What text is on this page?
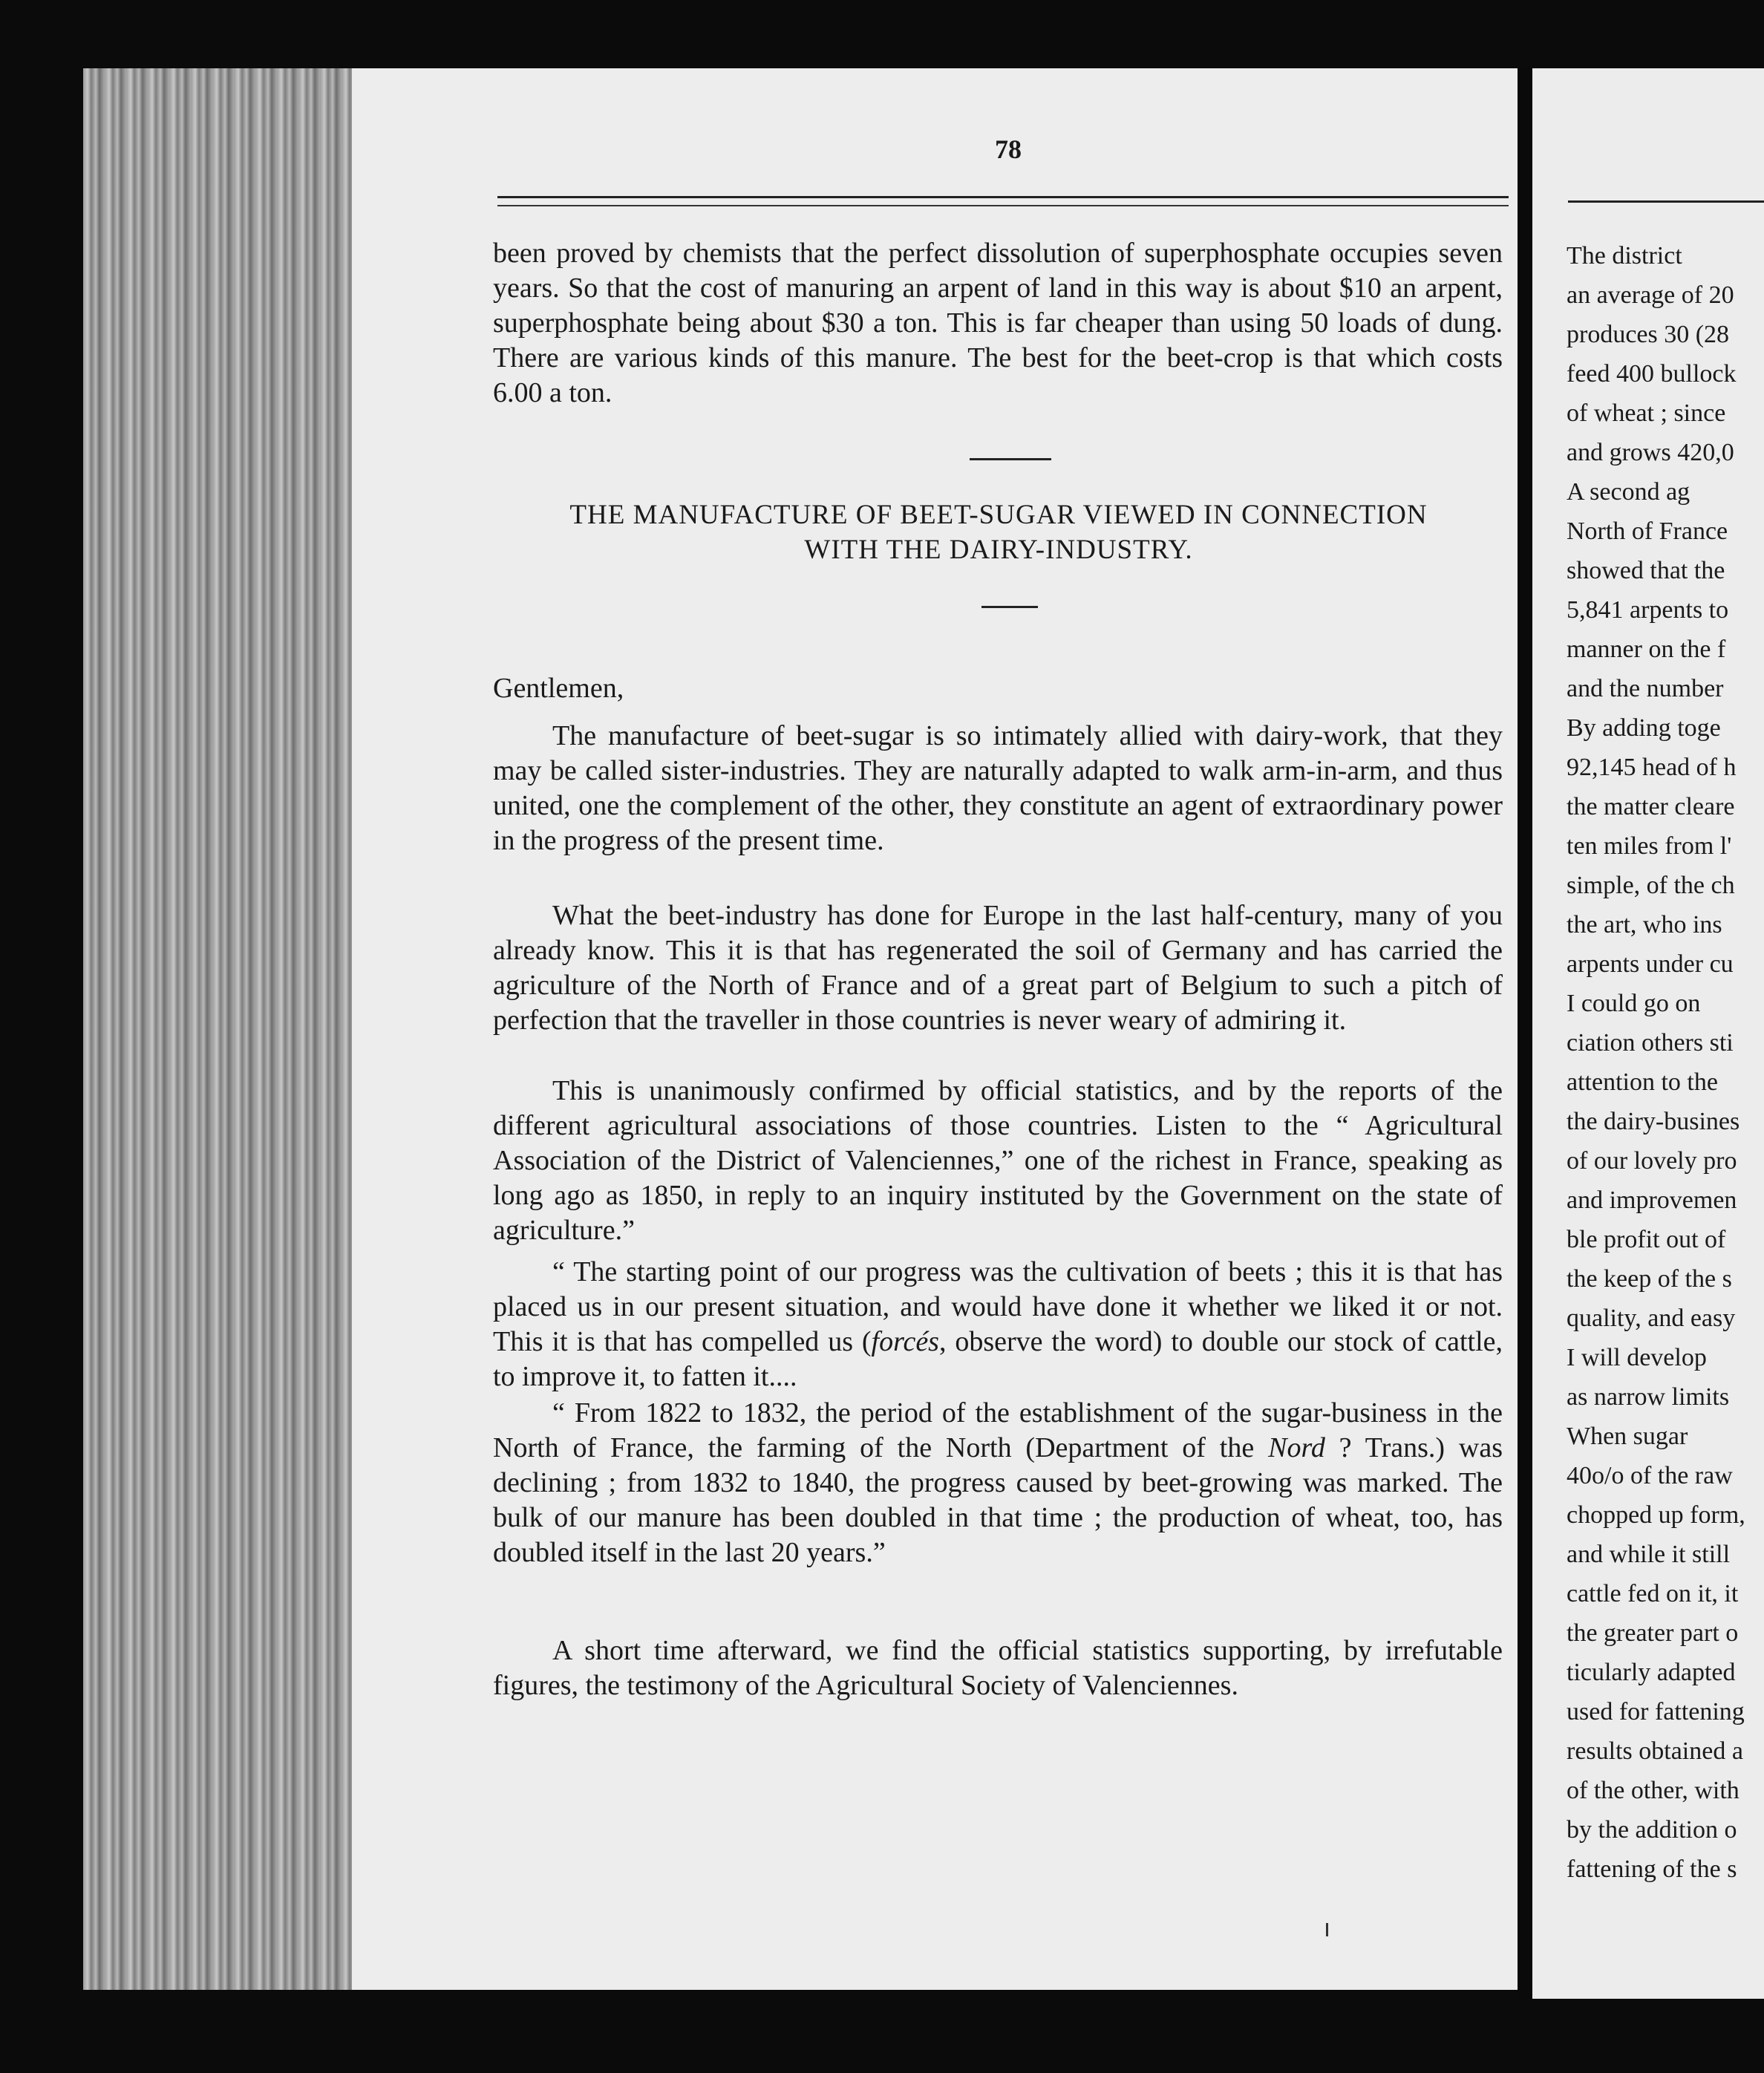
78

been proved by chemists that the perfect dissolution of superphosphate occupies seven years. So that the cost of manuring an arpent of land in this way is about $10 an arpent, superphosphate being about $30 a ton. This is far cheaper than using 50 loads of dung. There are various kinds of this manure. The best for the beet-crop is that which costs 6.00 a ton.

THE MANUFACTURE OF BEET-SUGAR VIEWED IN CONNECTION
WITH THE DAIRY-INDUSTRY.

Gentlemen,

The manufacture of beet-sugar is so intimately allied with dairy-work, that they may be called sister-industries. They are naturally adapted to walk arm-in-arm, and thus united, one the complement of the other, they constitute an agent of extraordinary power in the progress of the present time.

What the beet-industry has done for Europe in the last half-century, many of you already know. This it is that has regenerated the soil of Germany and has carried the agriculture of the North of France and of a great part of Belgium to such a pitch of perfection that the traveller in those countries is never weary of admiring it.

This is unanimously confirmed by official statistics, and by the reports of the different agricultural associations of those countries. Listen to the “ Agricultural Association of the District of Valenciennes,” one of the richest in France, speaking as long ago as 1850, in reply to an inquiry instituted by the Government on the state of agriculture.”

“ The starting point of our progress was the cultivation of beets ; this it is that has placed us in our present situation, and would have done it whether we liked it or not. This it is that has compelled us (forcés, observe the word) to double our stock of cattle, to improve it, to fatten it....

“ From 1822 to 1832, the period of the establishment of the sugar-business in the North of France, the farming of the North (Department of the Nord ? Trans.) was declining ; from 1832 to 1840, the progress caused by beet-growing was marked. The bulk of our manure has been doubled in that time ; the production of wheat, too, has doubled itself in the last 20 years.”

A short time afterward, we find the official statistics supporting, by irrefutable figures, the testimony of the Agricultural Society of Valenciennes.

The district
an average of 20
produces 30 (28
feed 400 bullock
of wheat ; since
and grows 420,0
A second ag
North of France
showed that the
5,841 arpents to
manner on the f
and the number
By adding toge
92,145 head of h
the matter cleare
ten miles from l'
simple, of the ch
the art, who ins
arpents under cu
I could go on
ciation others sti
attention to the
the dairy-busines
of our lovely pro
and improvemen
ble profit out of
the keep of the s
quality, and easy
I will develop
as narrow limits
When sugar
40o/o of the raw
chopped up form,
and while it still
cattle fed on it, it
the greater part o
ticularly adapted
used for fattening
results obtained a
of the other, with
by the addition o
fattening of the s
